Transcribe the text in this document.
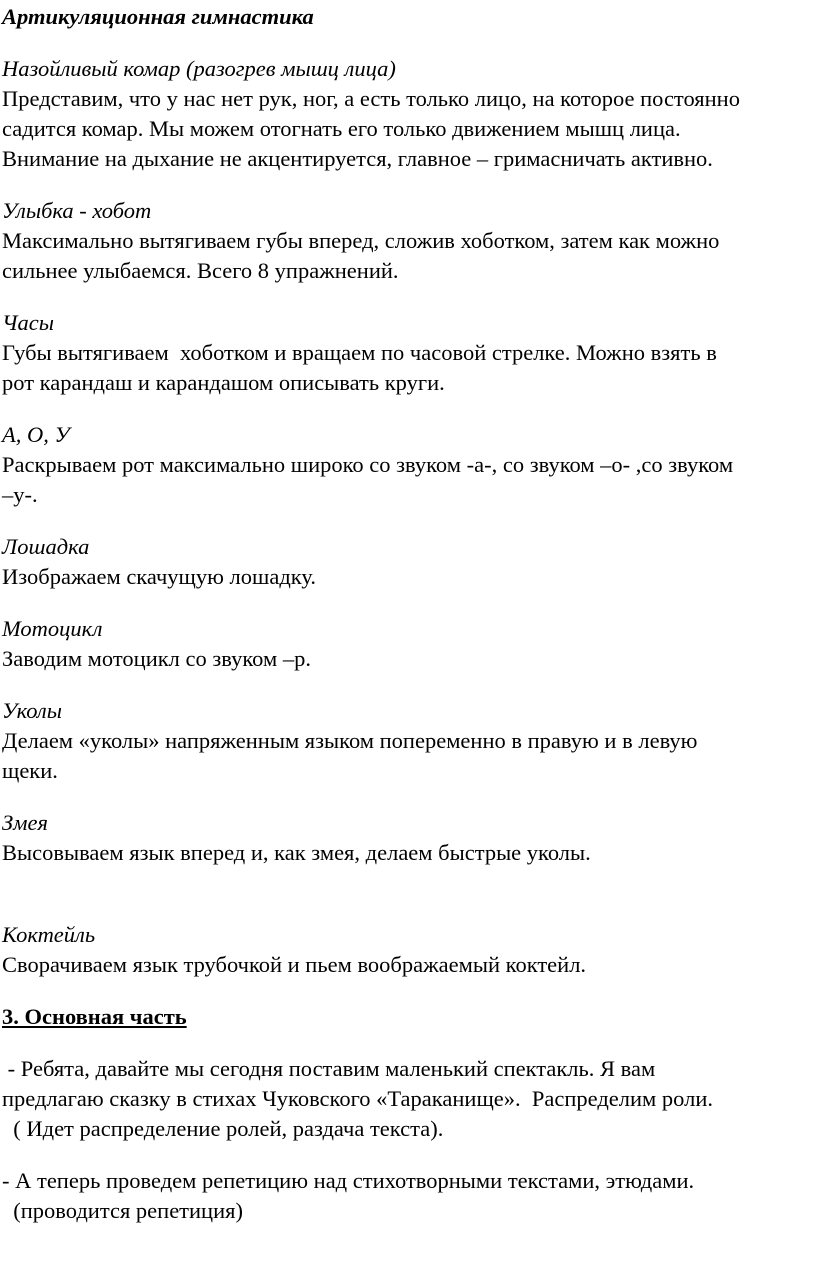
Артикуляционная гимнастика
Назойливый комар (разогрев мышц лица)
Представим, что у нас нет рук, ног, а есть только лицо, на которое постоянно
садится комар. Мы можем отогнать его только движением мышц лица.
Внимание на дыхание не акцентируется, главное – гримасничать активно.
Улыбка - хобот
Максимально вытягиваем губы вперед, сложив хоботком, затем как можно
сильнее улыбаемся. Всего 8 упражнений.
Часы
Губы вытягиваем  хоботком и вращаем по часовой стрелке. Можно взять в
рот карандаш и карандашом описывать круги.
А, О, У
Раскрываем рот максимально широко со звуком -а-, со звуком –о- ,со звуком
–у-.
Лошадка
Изображаем скачущую лошадку.
Мотоцикл
Заводим мотоцикл со звуком –р.
Уколы
Делаем «уколы» напряженным языком попеременно в правую и в левую
щеки.
Змея
Высовываем язык вперед и, как змея, делаем быстрые уколы.
Коктейль
Сворачиваем язык трубочкой и пьем воображаемый коктейл.
3. Основная часть
- Ребята, давайте мы сегодня поставим маленький спектакль. Я вам
предлагаю сказку в стихах Чуковского «Тараканище».  Распределим роли.
( Идет распределение ролей, раздача текста).
- А теперь проведем репетицию над стихотворными текстами, этюдами.
(проводится репетиция)
